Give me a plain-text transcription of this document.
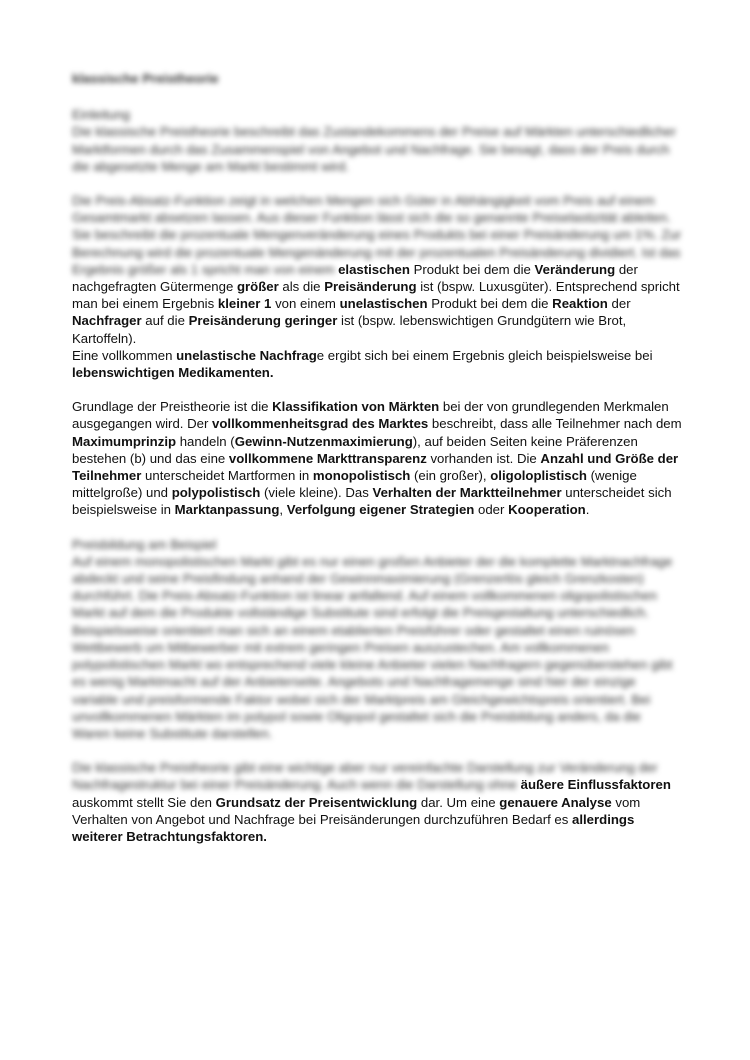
klassische Preistheorie
Einleitung

Die klassische Preistheorie beschreibt das Zustandekommens der Preise auf Märkten unterschiedlicher Marktformen durch das Zusammenspiel von Angebot und Nachfrage. Sie besagt, dass der Preis durch die abgesetzte Menge am Markt bestimmt wird.

Die Preis-Absatz-Funktion zeigt in welchen Mengen sich Güter in Abhängigkeit vom Preis auf einem Gesamtmarkt absetzen lassen. Aus dieser Funktion lässt sich die so genannte Preiselastizität ableiten. Sie beschreibt die prozentuale Mengenveränderung eines Produkts bei einer Preisänderung um 1%. Zur Berechnung wird die prozentuale Mengenänderung mit der prozentualen Preisänderung dividiert. Ist das Ergebnis größer als 1 spricht man von einem elastischen Produkt bei dem die Veränderung der nachgefragten Gütermenge größer als die Preisänderung ist (bspw. Luxusgüter). Entsprechend spricht man bei einem Ergebnis kleiner 1 von einem unelastischen Produkt bei dem die Reaktion der Nachfrager auf die Preisänderung geringer ist (bspw. lebenswichtigen Grundgütern wie Brot, Kartoffeln).
Eine vollkommen unelastische Nachfrage ergibt sich bei einem Ergebnis gleich beispielsweise bei lebenswichtigen Medikamenten.

Grundlage der Preistheorie ist die Klassifikation von Märkten bei der von grundlegenden Merkmalen ausgegangen wird. Der vollkommenheitsgrad des Marktes beschreibt, dass alle Teilnehmer nach dem Maximumprinzip handeln (Gewinn-Nutzenmaximierung), auf beiden Seiten keine Präferenzen bestehen (b) und das eine vollkommene Markttransparenz vorhanden ist. Die Anzahl und Größe der Teilnehmer unterscheidet Martformen in monopolistisch (ein großer), oligoloplistisch (wenige mittelgroße) und polypolistisch (viele kleine). Das Verhalten der Marktteilnehmer unterscheidet sich beispielsweise in Marktanpassung, Verfolgung eigener Strategien oder Kooperation.

Preisbildung am Beispiel

Auf einem monopolistischen Markt gibt es nur einen großen Anbieter der die komplette Marktnachfrage abdeckt und seine Preisfindung anhand der Gewinnmaximierung (Grenzerlös gleich Grenzkosten) durchführt. Die Preis-Absatz-Funktion ist linear anfallend. Auf einem vollkommenen oligopolistischen Markt auf dem die Produkte vollständige Substitute sind erfolgt die Preisgestaltung unterschiedlich. Beispielsweise orientiert man sich an einem etablierten Preisführer oder gestaltet einen ruinösen Wettbewerb um Mitbewerber mit extrem geringen Preisen auszustechen. Am vollkommenen polypolistischen Markt wo entsprechend viele kleine Anbieter vielen Nachfragern gegenüberstehen gibt es wenig Marktmacht auf der Anbieterseite. Angebots und Nachfragemenge sind hier der einzige variable und preisformende Faktor wobei sich der Marktpreis am Gleichgewichtspreis orientiert. Bei unvollkommenen Märkten im polypol sowie Oligopol gestaltet sich die Preisbildung anders, da die Waren keine Substitute darstellen.

Die klassische Preistheorie gibt eine wichtige aber nur vereinfachte Darstellung zur Veränderung der Nachfragestruktur bei einer Preisänderung. Auch wenn die Darstellung ohne äußere Einflussfaktoren auskommt stellt Sie den Grundsatz der Preisentwicklung dar. Um eine genauere Analyse vom Verhalten von Angebot und Nachfrage bei Preisänderungen durchzuführen Bedarf es allerdings weiterer Betrachtungsfaktoren.
